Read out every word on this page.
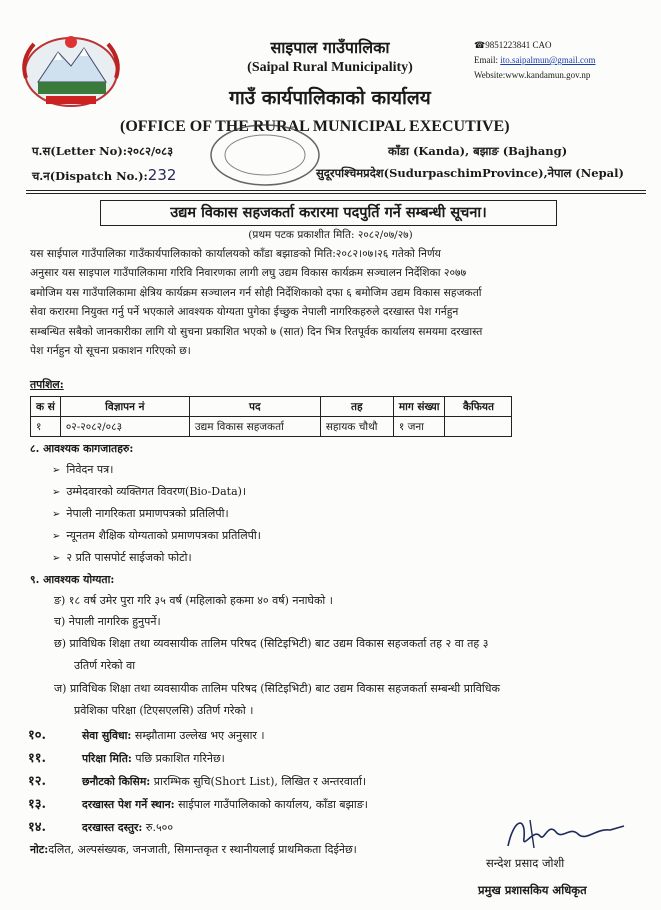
साइपाल गाउँपालिका
(Saipal Rural Municipality)
गाउँ कार्यपालिकाको कार्यालय
☎9851223841 CAO
Email: ito.saipalmun@gmail.com
Website:www.kandamun.gov.np
(OFFICE OF THE RURAL MUNICIPAL EXECUTIVE)
प.स(Letter No):२०८२/०८३
च.न(Dispatch No.):232
काँडा (Kanda), बझाङ (Bajhang)
सुदूरपश्चिमप्रदेश(SudurpaschimProvince),नेपाल (Nepal)
उद्यम विकास सहजकर्ता करारमा पदपुर्ति गर्ने सम्बन्धी सूचना।
(प्रथम पटक प्रकाशीत मिति: २०८२/०७/२७)
यस साईपाल गाउँपालिका गाउँकार्यपालिकाको कार्यालयको काँडा बझाङको मिति:२०८२।०७।२६ गतेको निर्णय
अनुसार यस साइपाल गाउँपालिकामा गरिवि निवारणका लागी लघु उद्यम विकास कार्यक्रम सञ्चालन निर्देशिका २०७७
बमोजिम यस गाउँपालिकामा क्षेत्रिय कार्यक्रम सञ्चालन गर्न सोही निर्देशिकाको दफा ६ बमोजिम उद्यम विकास सहजकर्ता
सेवा करारमा नियुक्त गर्नु पर्ने भएकाले आवश्यक योग्यता पुगेका ईच्छुक नेपाली नागरिकहरुले दरखास्त पेश गर्नहुन
सम्बन्धित सबैको जानकारीका लागि यो सुचना प्रकाशित भएको ७ (सात) दिन भित्र रितपूर्वक कार्यालय समयमा दरखास्त
पेश गर्नहुन यो सूचना प्रकाशन गरिएको छ।
तपशिल:
क सं	विज्ञापन नं	पद	तह	माग संख्या	कैफियत
१	०२-२०८२/०८३	उद्यम विकास सहजकर्ता	सहायक चौथौ	१ जना	
८. आवश्यक कागजातहरु:
➢ निवेदन पत्र।
➢ उम्मेदवारको व्यक्तिगत विवरण(Bio-Data)।
➢ नेपाली नागरिकता प्रमाणपत्रको प्रतिलिपी।
➢ न्यूनतम शैक्षिक योग्यताको प्रमाणपत्रका प्रतिलिपी।
➢ २ प्रति पासपोर्ट साईजको फोटो।
९. आवश्यक योग्यता:
ङ) १८ वर्ष उमेर पुरा गरि ३५ वर्ष (महिलाको हकमा ४० वर्ष) ननाघेको ।
च) नेपाली नागरिक हुनुपर्ने।
छ) प्राविधिक शिक्षा तथा व्यवसायीक तालिम परिषद (सिटिइभिटी) बाट उद्यम विकास सहजकर्ता तह २ वा तह ३
उतिर्ण गरेको वा
ज) प्राविधिक शिक्षा तथा व्यवसायीक तालिम परिषद (सिटिइभिटी) बाट उद्यम विकास सहजकर्ता सम्बन्धी प्राविधिक
प्रवेशिका परिक्षा (टिएसएलसि) उतिर्ण गरेको ।
१०.	सेवा सुविधा: सम्झौतामा उल्लेख भए अनुसार ।
११.	परिक्षा मिति: पछि प्रकाशित गरिनेछ।
१२.	छनौटको किसिम: प्रारम्भिक सुचि(Short List), लिखित र अन्तरवार्ता।
१३.	दरखास्त पेश गर्ने स्थान: साईपाल गाउँपालिकाको कार्यालय, काँडा बझाङ।
१४.	दरखास्त दस्तुर: रु.५००
नोट:दलित, अल्पसंख्यक, जनजाती, सिमान्तकृत र स्थानीयलाई प्राथमिकता दिईनेछ।
सन्देश प्रसाद जोशी
प्रमुख प्रशासकिय अधिकृत
